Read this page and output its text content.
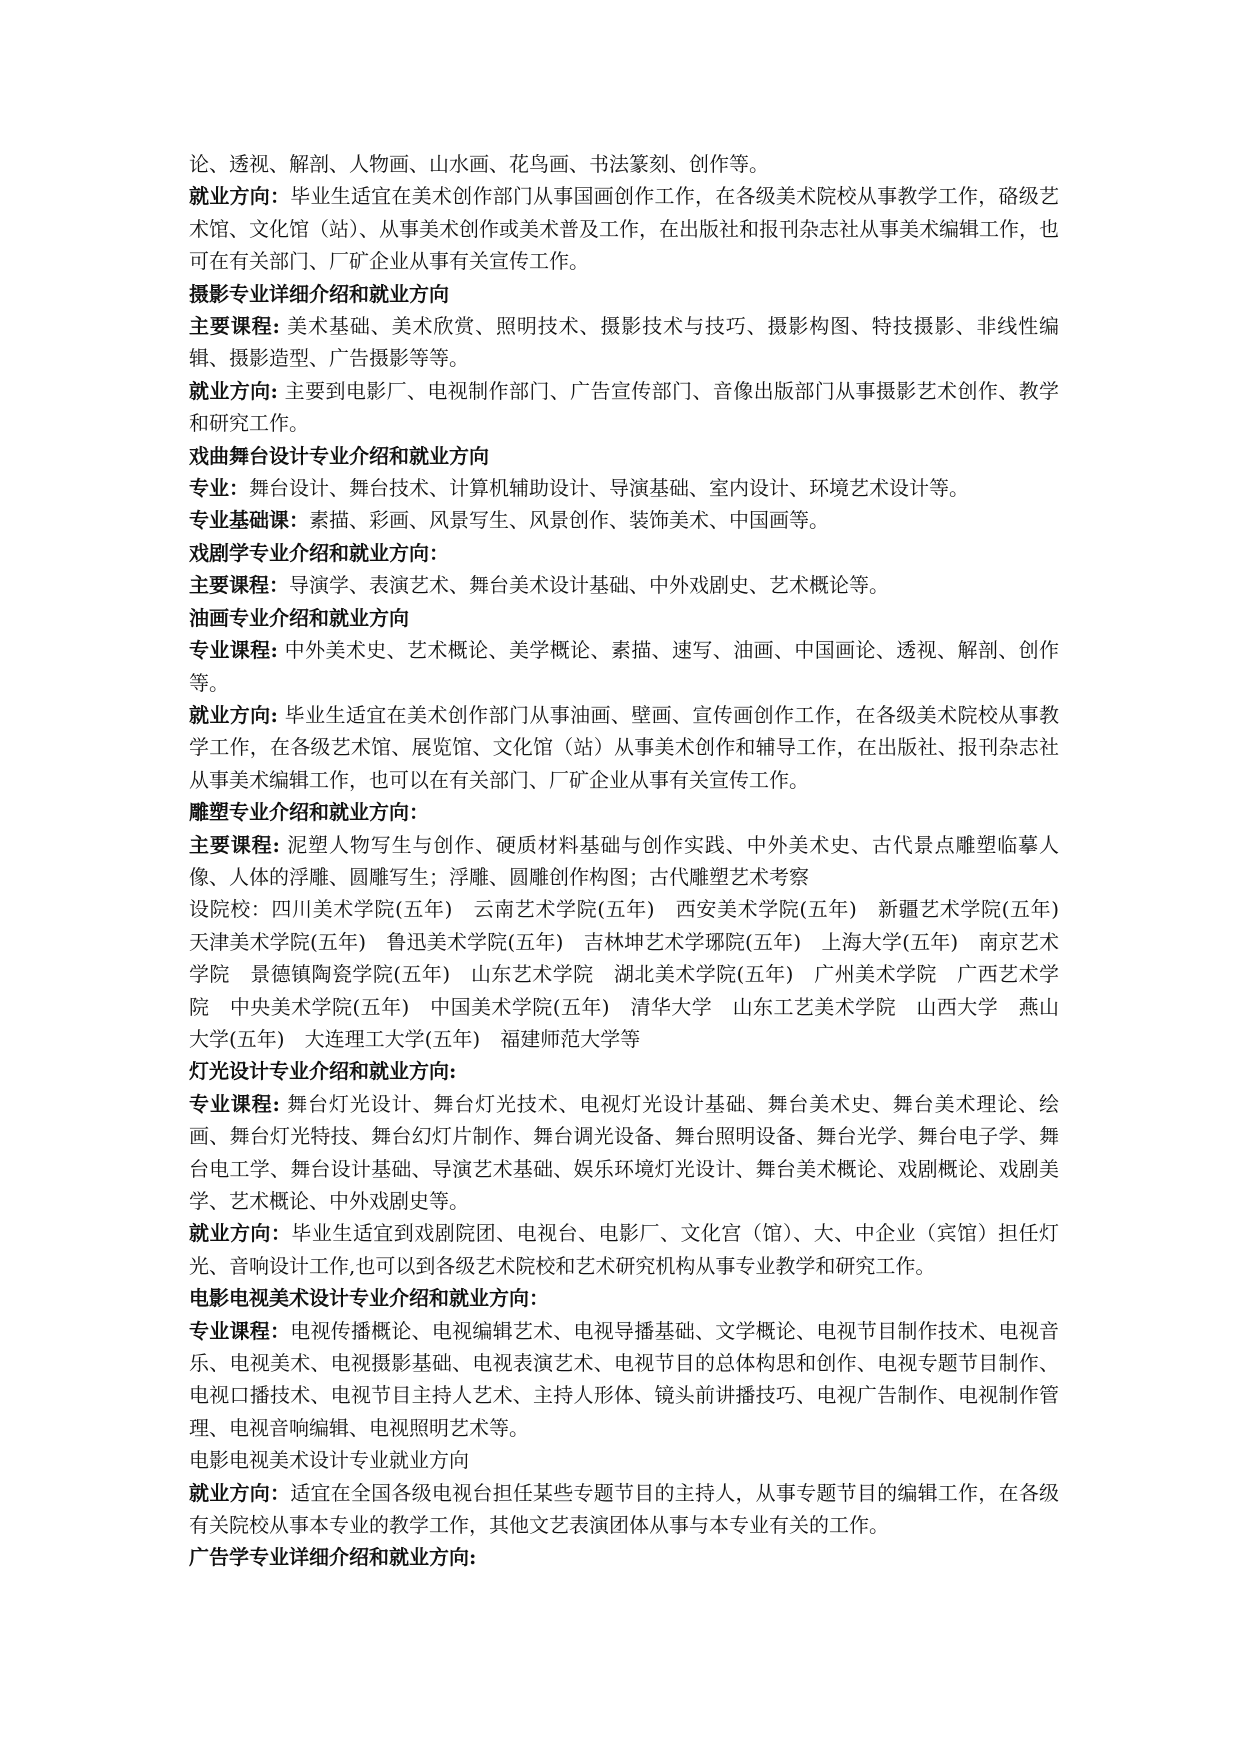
论、透视、解剖、人物画、山水画、花鸟画、书法篆刻、创作等。

就业方向：毕业生适宜在美术创作部门从事国画创作工作，在各级美术院校从事教学工作，硌级艺术馆、文化馆（站）、从事美术创作或美术普及工作，在出版社和报刊杂志社从事美术编辑工作，也可在有关部门、厂矿企业从事有关宣传工作。

摄影专业详细介绍和就业方向

主要课程: 美术基础、美术欣赏、照明技术、摄影技术与技巧、摄影构图、特技摄影、非线性编辑、摄影造型、广告摄影等等。

就业方向: 主要到电影厂、电视制作部门、广告宣传部门、音像出版部门从事摄影艺术创作、教学和研究工作。

戏曲舞台设计专业介绍和就业方向

专业：舞台设计、舞台技术、计算机辅助设计、导演基础、室内设计、环境艺术设计等。

专业基础课：素描、彩画、风景写生、风景创作、装饰美术、中国画等。

戏剧学专业介绍和就业方向：

主要课程：导演学、表演艺术、舞台美术设计基础、中外戏剧史、艺术概论等。

油画专业介绍和就业方向

专业课程: 中外美术史、艺术概论、美学概论、素描、速写、油画、中国画论、透视、解剖、创作等。

就业方向: 毕业生适宜在美术创作部门从事油画、壁画、宣传画创作工作，在各级美术院校从事教学工作，在各级艺术馆、展览馆、文化馆（站）从事美术创作和辅导工作，在出版社、报刊杂志社从事美术编辑工作，也可以在有关部门、厂矿企业从事有关宣传工作。

雕塑专业介绍和就业方向：

主要课程: 泥塑人物写生与创作、硬质材料基础与创作实践、中外美术史、古代景点雕塑临摹人像、人体的浮雕、圆雕写生；浮雕、圆雕创作构图；古代雕塑艺术考察

设院校：四川美术学院(五年)　云南艺术学院(五年)　西安美术学院(五年)　新疆艺术学院(五年)　天津美术学院(五年)　鲁迅美术学院(五年)　吉林坤艺术学琊院(五年)　上海大学(五年)　南京艺术学院　景德镇陶瓷学院(五年)　山东艺术学院　湖北美术学院(五年)　广州美术学院　广西艺术学院　中央美术学院(五年)　中国美术学院(五年)　清华大学　山东工艺美术学院　山西大学　燕山大学(五年)　大连理工大学(五年)　福建师范大学等

灯光设计专业介绍和就业方向:

专业课程: 舞台灯光设计、舞台灯光技术、电视灯光设计基础、舞台美术史、舞台美术理论、绘画、舞台灯光特技、舞台幻灯片制作、舞台调光设备、舞台照明设备、舞台光学、舞台电子学、舞台电工学、舞台设计基础、导演艺术基础、娱乐环境灯光设计、舞台美术概论、戏剧概论、戏剧美学、艺术概论、中外戏剧史等。

就业方向：毕业生适宜到戏剧院团、电视台、电影厂、文化宫（馆）、大、中企业（宾馆）担任灯光、音响设计工作,也可以到各级艺术院校和艺术研究机构从事专业教学和研究工作。

电影电视美术设计专业介绍和就业方向：

专业课程：电视传播概论、电视编辑艺术、电视导播基础、文学概论、电视节目制作技术、电视音乐、电视美术、电视摄影基础、电视表演艺术、电视节目的总体构思和创作、电视专题节目制作、电视口播技术、电视节目主持人艺术、主持人形体、镜头前讲播技巧、电视广告制作、电视制作管理、电视音响编辑、电视照明艺术等。

电影电视美术设计专业就业方向

就业方向：适宜在全国各级电视台担任某些专题节目的主持人，从事专题节目的编辑工作，在各级有关院校从事本专业的教学工作，其他文艺表演团体从事与本专业有关的工作。

广告学专业详细介绍和就业方向:
